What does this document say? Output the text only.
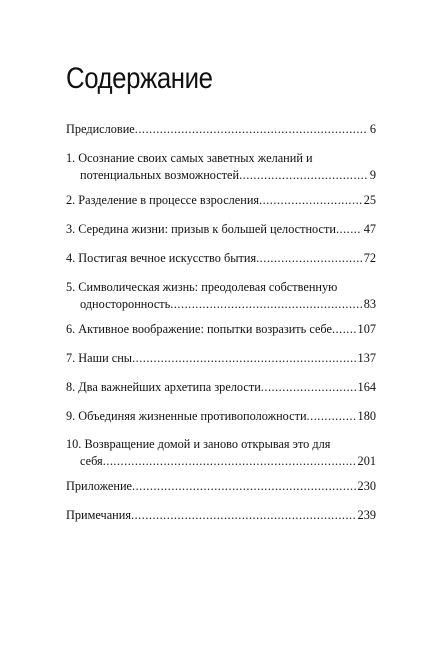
Содержание
Предисловие .....	6
1. Осознание своих самых заветных желаний и
потенциальных возможностей .....	9
2. Разделение в процессе взросления .....	25
3. Середина жизни: призыв к большей целостности ..... 47
4. Постигая вечное искусство бытия .....	72
5. Символическая жизнь: преодолевая собственную
односторонность .....	83
6. Активное воображение: попытки возразить себе ..... 107
7. Наши сны .....	137
8. Два важнейших архетипа зрелости .....	164
9. Объединяя жизненные противоположности .....	180
10. Возвращение домой и заново открывая это для
себя .....	201
Приложение .....	230
Примечания .....	239
